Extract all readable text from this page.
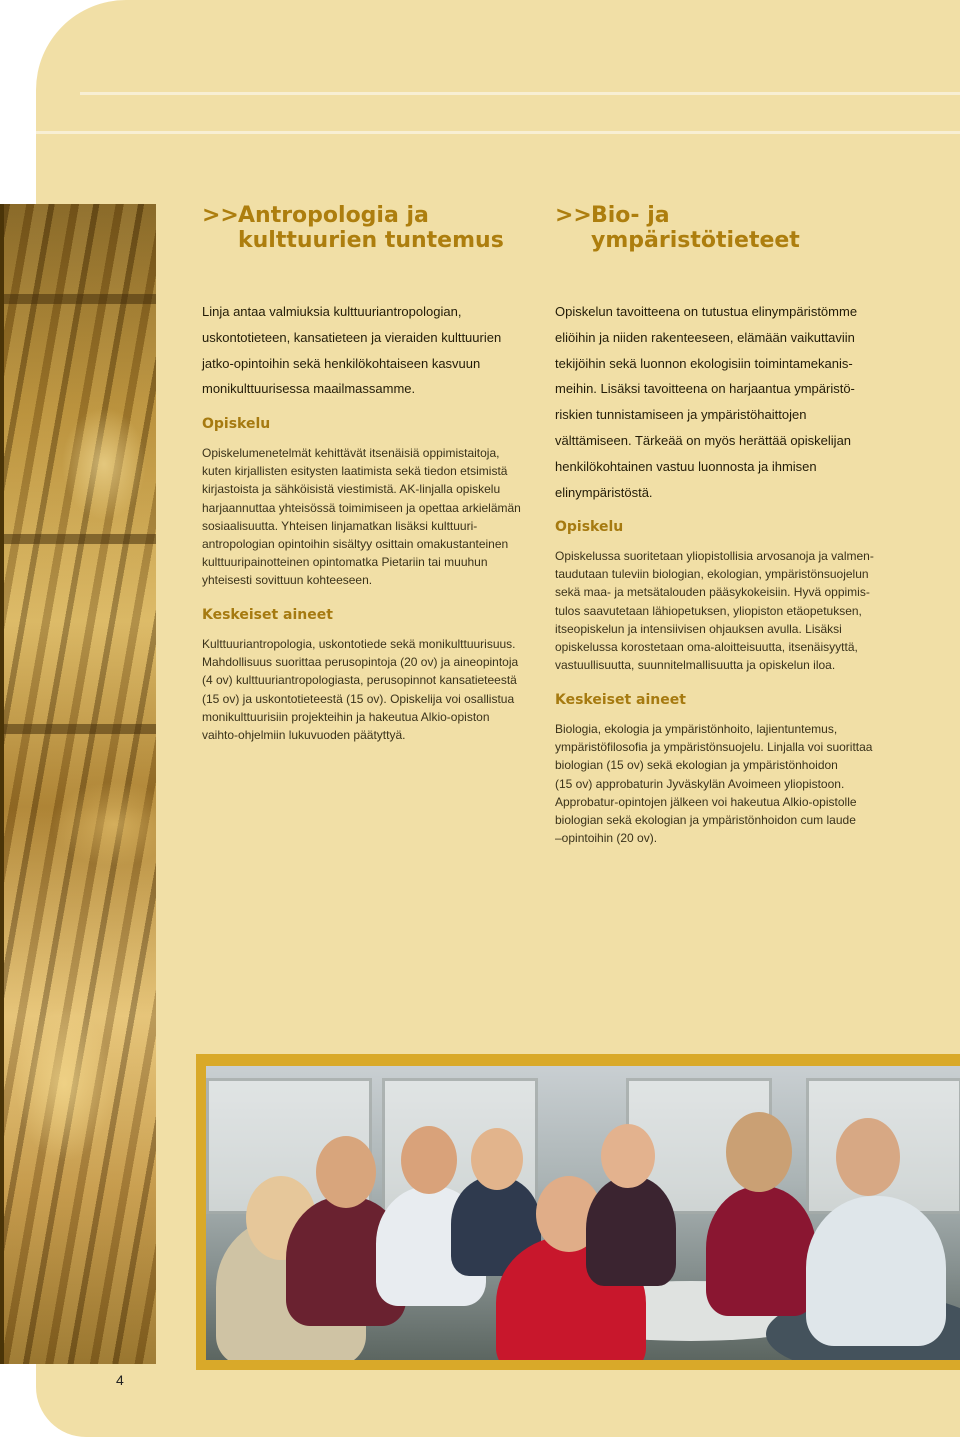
>> Antropologia ja
kulttuurien tuntemus

Linja antaa valmiuksia kulttuuriantropologian,
uskontotieteen, kansatieteen ja vieraiden kulttuurien
jatko-opintoihin sekä henkilökohtaiseen kasvuun
monikulttuurisessa maailmassamme.

Opiskelu

Opiskelumenetelmät kehittävät itsenäisiä oppimistaitoja,
kuten kirjallisten esitysten laatimista sekä tiedon etsimistä
kirjastoista ja sähköisistä viestimistä. AK-linjalla opiskelu
harjaannuttaa yhteisössä toimimiseen ja opettaa arkielämän
sosiaalisuutta. Yhteisen linjamatkan lisäksi kulttuuri-
antropologian opintoihin sisältyy osittain omakustanteinen
kulttuuripainotteinen opintomatka Pietariin tai muuhun
yhteisesti sovittuun kohteeseen.

Keskeiset aineet

Kulttuuriantropologia, uskontotiede sekä monikulttuurisuus.
Mahdollisuus suorittaa perusopintoja (20 ov) ja aineopintoja
(4 ov) kulttuuriantropologiasta, perusopinnot kansatieteestä
(15 ov) ja uskontotieteestä (15 ov). Opiskelija voi osallistua
monikulttuurisiin projekteihin ja hakeutua Alkio-opiston
vaihto-ohjelmiin lukuvuoden päätyttyä.

>> Bio- ja
ympäristötieteet

Opiskelun tavoitteena on tutustua elinympäristömme
eliöihin ja niiden rakenteeseen, elämään vaikuttaviin
tekijöihin sekä luonnon ekologisiin toimintamekanis-
meihin. Lisäksi tavoitteena on harjaantua ympäristö-
riskien tunnistamiseen ja ympäristöhaittojen
välttämiseen. Tärkeää on myös herättää opiskelijan
henkilökohtainen vastuu luonnosta ja ihmisen
elinympäristöstä.

Opiskelu

Opiskelussa suoritetaan yliopistollisia arvosanoja ja valmen-
taudutaan tuleviin biologian, ekologian, ympäristönsuojelun
sekä maa- ja metsätalouden pääsykokeisiin. Hyvä oppimis-
tulos saavutetaan lähiopetuksen, yliopiston etäopetuksen,
itseopiskelun ja intensiivisen ohjauksen avulla. Lisäksi
opiskelussa korostetaan oma-aloitteisuutta, itsenäisyyttä,
vastuullisuutta, suunnitelmallisuutta ja opiskelun iloa.

Keskeiset aineet

Biologia, ekologia ja ympäristönhoito, lajientuntemus,
ympäristöfilosofia ja ympäristönsuojelu. Linjalla voi suorittaa
biologian (15 ov) sekä ekologian ja ympäristönhoidon
(15 ov) approbaturin Jyväskylän Avoimeen yliopistoon.
Approbatur-opintojen jälkeen voi hakeutua Alkio-opistolle
biologian sekä ekologian ja ympäristönhoidon cum laude
–opintoihin (20 ov).

4
